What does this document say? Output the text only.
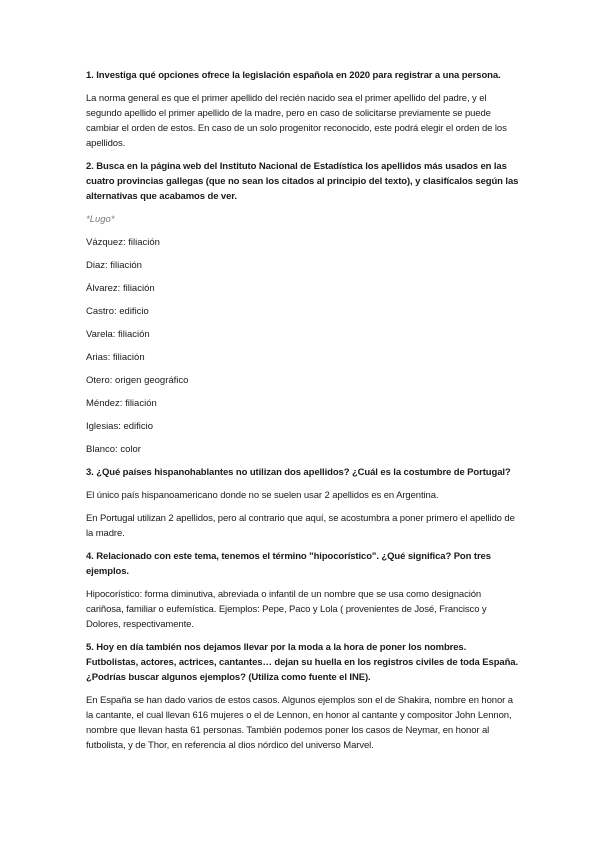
1. Investiga qué opciones ofrece la legislación española en 2020 para registrar a una persona.
La norma general es que el primer apellido del recién nacido sea el primer apellido del padre, y el segundo apellido el primer apellido de la madre, pero en caso de solicitarse previamente se puede cambiar el orden de estos. En caso de un solo progenitor reconocido, este podrá elegir el orden de los apellidos.
2. Busca en la página web del Instituto Nacional de Estadística los apellidos más usados en las cuatro provincias gallegas (que no sean los citados al principio del texto), y clasifícalos según las alternativas que acabamos de ver.
*Lugo*
Vázquez: filiación
Diaz: filiación
Álvarez: filiación
Castro: edificio
Varela: filiación
Arias: filiación
Otero: origen geográfico
Méndez: filiación
Iglesias: edificio
Blanco: color
3. ¿Qué países hispanohablantes no utilizan dos apellidos? ¿Cuál es la costumbre de Portugal?
El único país hispanoamericano donde no se suelen usar 2 apellidos es en Argentina.
En Portugal utilizan 2 apellidos, pero al contrario que aquí, se acostumbra a poner primero el apellido de la madre.
4. Relacionado con este tema, tenemos el término "hipocorístico". ¿Qué significa? Pon tres ejemplos.
Hipocorístico: forma diminutiva, abreviada o infantil de un nombre que se usa como designación cariñosa, familiar o eufemística. Ejemplos: Pepe, Paco y Lola ( provenientes de José, Francisco y Dolores, respectivamente.
5. Hoy en día también nos dejamos llevar por la moda a la hora de poner los nombres. Futbolistas, actores, actrices, cantantes… dejan su huella en los registros civiles de toda España. ¿Podrías buscar algunos ejemplos? (Utiliza como fuente el INE).
En España se han dado varios de estos casos. Algunos ejemplos son el de Shakira, nombre en honor a la cantante, el cual llevan 616 mujeres o el de Lennon, en honor al cantante y compositor John Lennon, nombre que llevan hasta 61 personas. También podemos poner los casos de Neymar, en honor al futbolista, y de Thor, en referencia al dios nórdico del universo Marvel.
